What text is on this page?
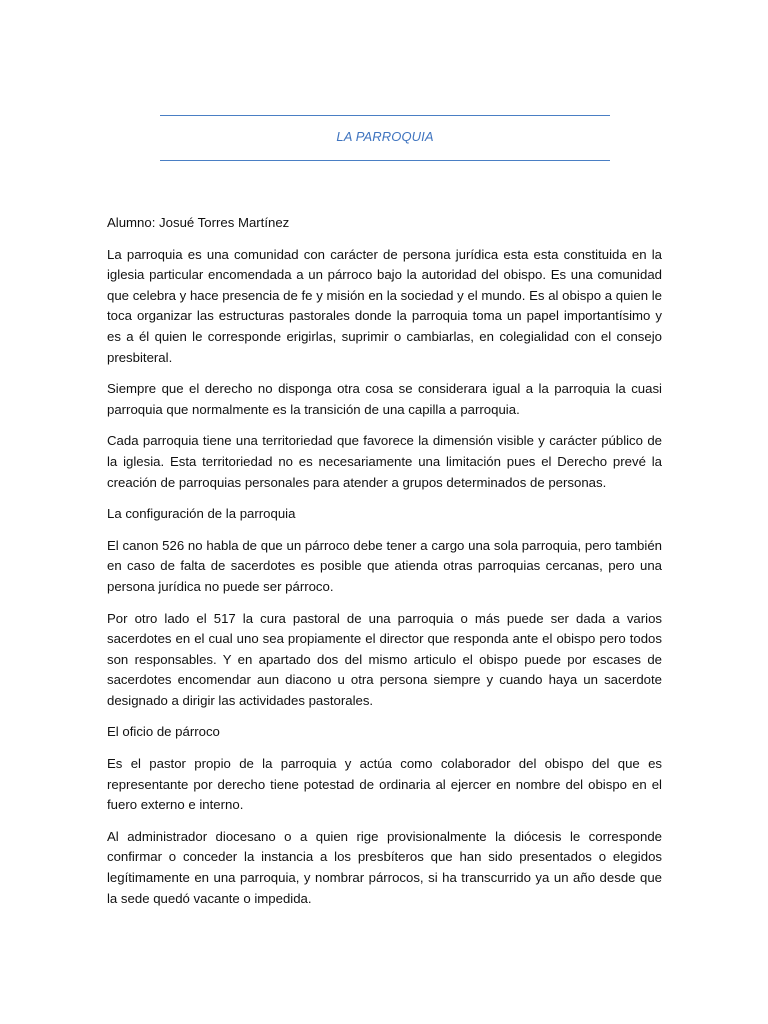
LA PARROQUIA

Alumno: Josué Torres Martínez

La parroquia es una comunidad con carácter de persona jurídica esta esta constituida en la iglesia particular encomendada a un párroco bajo la autoridad del obispo. Es una comunidad que celebra y hace presencia de fe y misión en la sociedad y el mundo. Es al obispo a quien le toca organizar las estructuras pastorales donde la parroquia toma un papel importantísimo y es a él quien le corresponde erigirlas, suprimir o cambiarlas, en colegialidad con el consejo presbiteral.

Siempre que el derecho no disponga otra cosa se considerara igual a la parroquia la cuasi parroquia que normalmente es la transición de una capilla a parroquia.

Cada parroquia tiene una territoriedad que favorece la dimensión visible y carácter público de la iglesia. Esta territoriedad no es necesariamente una limitación pues el Derecho prevé la creación de parroquias personales para atender a grupos determinados de personas.

La configuración de la parroquia

El canon 526 no habla de que un párroco debe tener a cargo una sola parroquia, pero también en caso de falta de sacerdotes es posible que atienda otras parroquias cercanas, pero una persona jurídica no puede ser párroco.

Por otro lado el 517 la cura pastoral de una parroquia o más puede ser dada a varios sacerdotes en el cual uno sea propiamente el director que responda ante el obispo pero todos son responsables. Y en apartado dos del mismo articulo el obispo puede por escases de sacerdotes encomendar aun diacono u otra persona siempre y cuando haya un sacerdote designado a dirigir las actividades pastorales.

El oficio de párroco

Es el pastor propio de la parroquia y actúa como colaborador del obispo del que es representante por derecho tiene potestad de ordinaria al ejercer en nombre del obispo en el fuero externo e interno.

Al administrador diocesano o a quien rige provisionalmente la diócesis le corresponde confirmar o conceder la instancia a los presbíteros que han sido presentados o elegidos legítimamente en una parroquia, y nombrar párrocos, si ha transcurrido ya un año desde que la sede quedó vacante o impedida.
